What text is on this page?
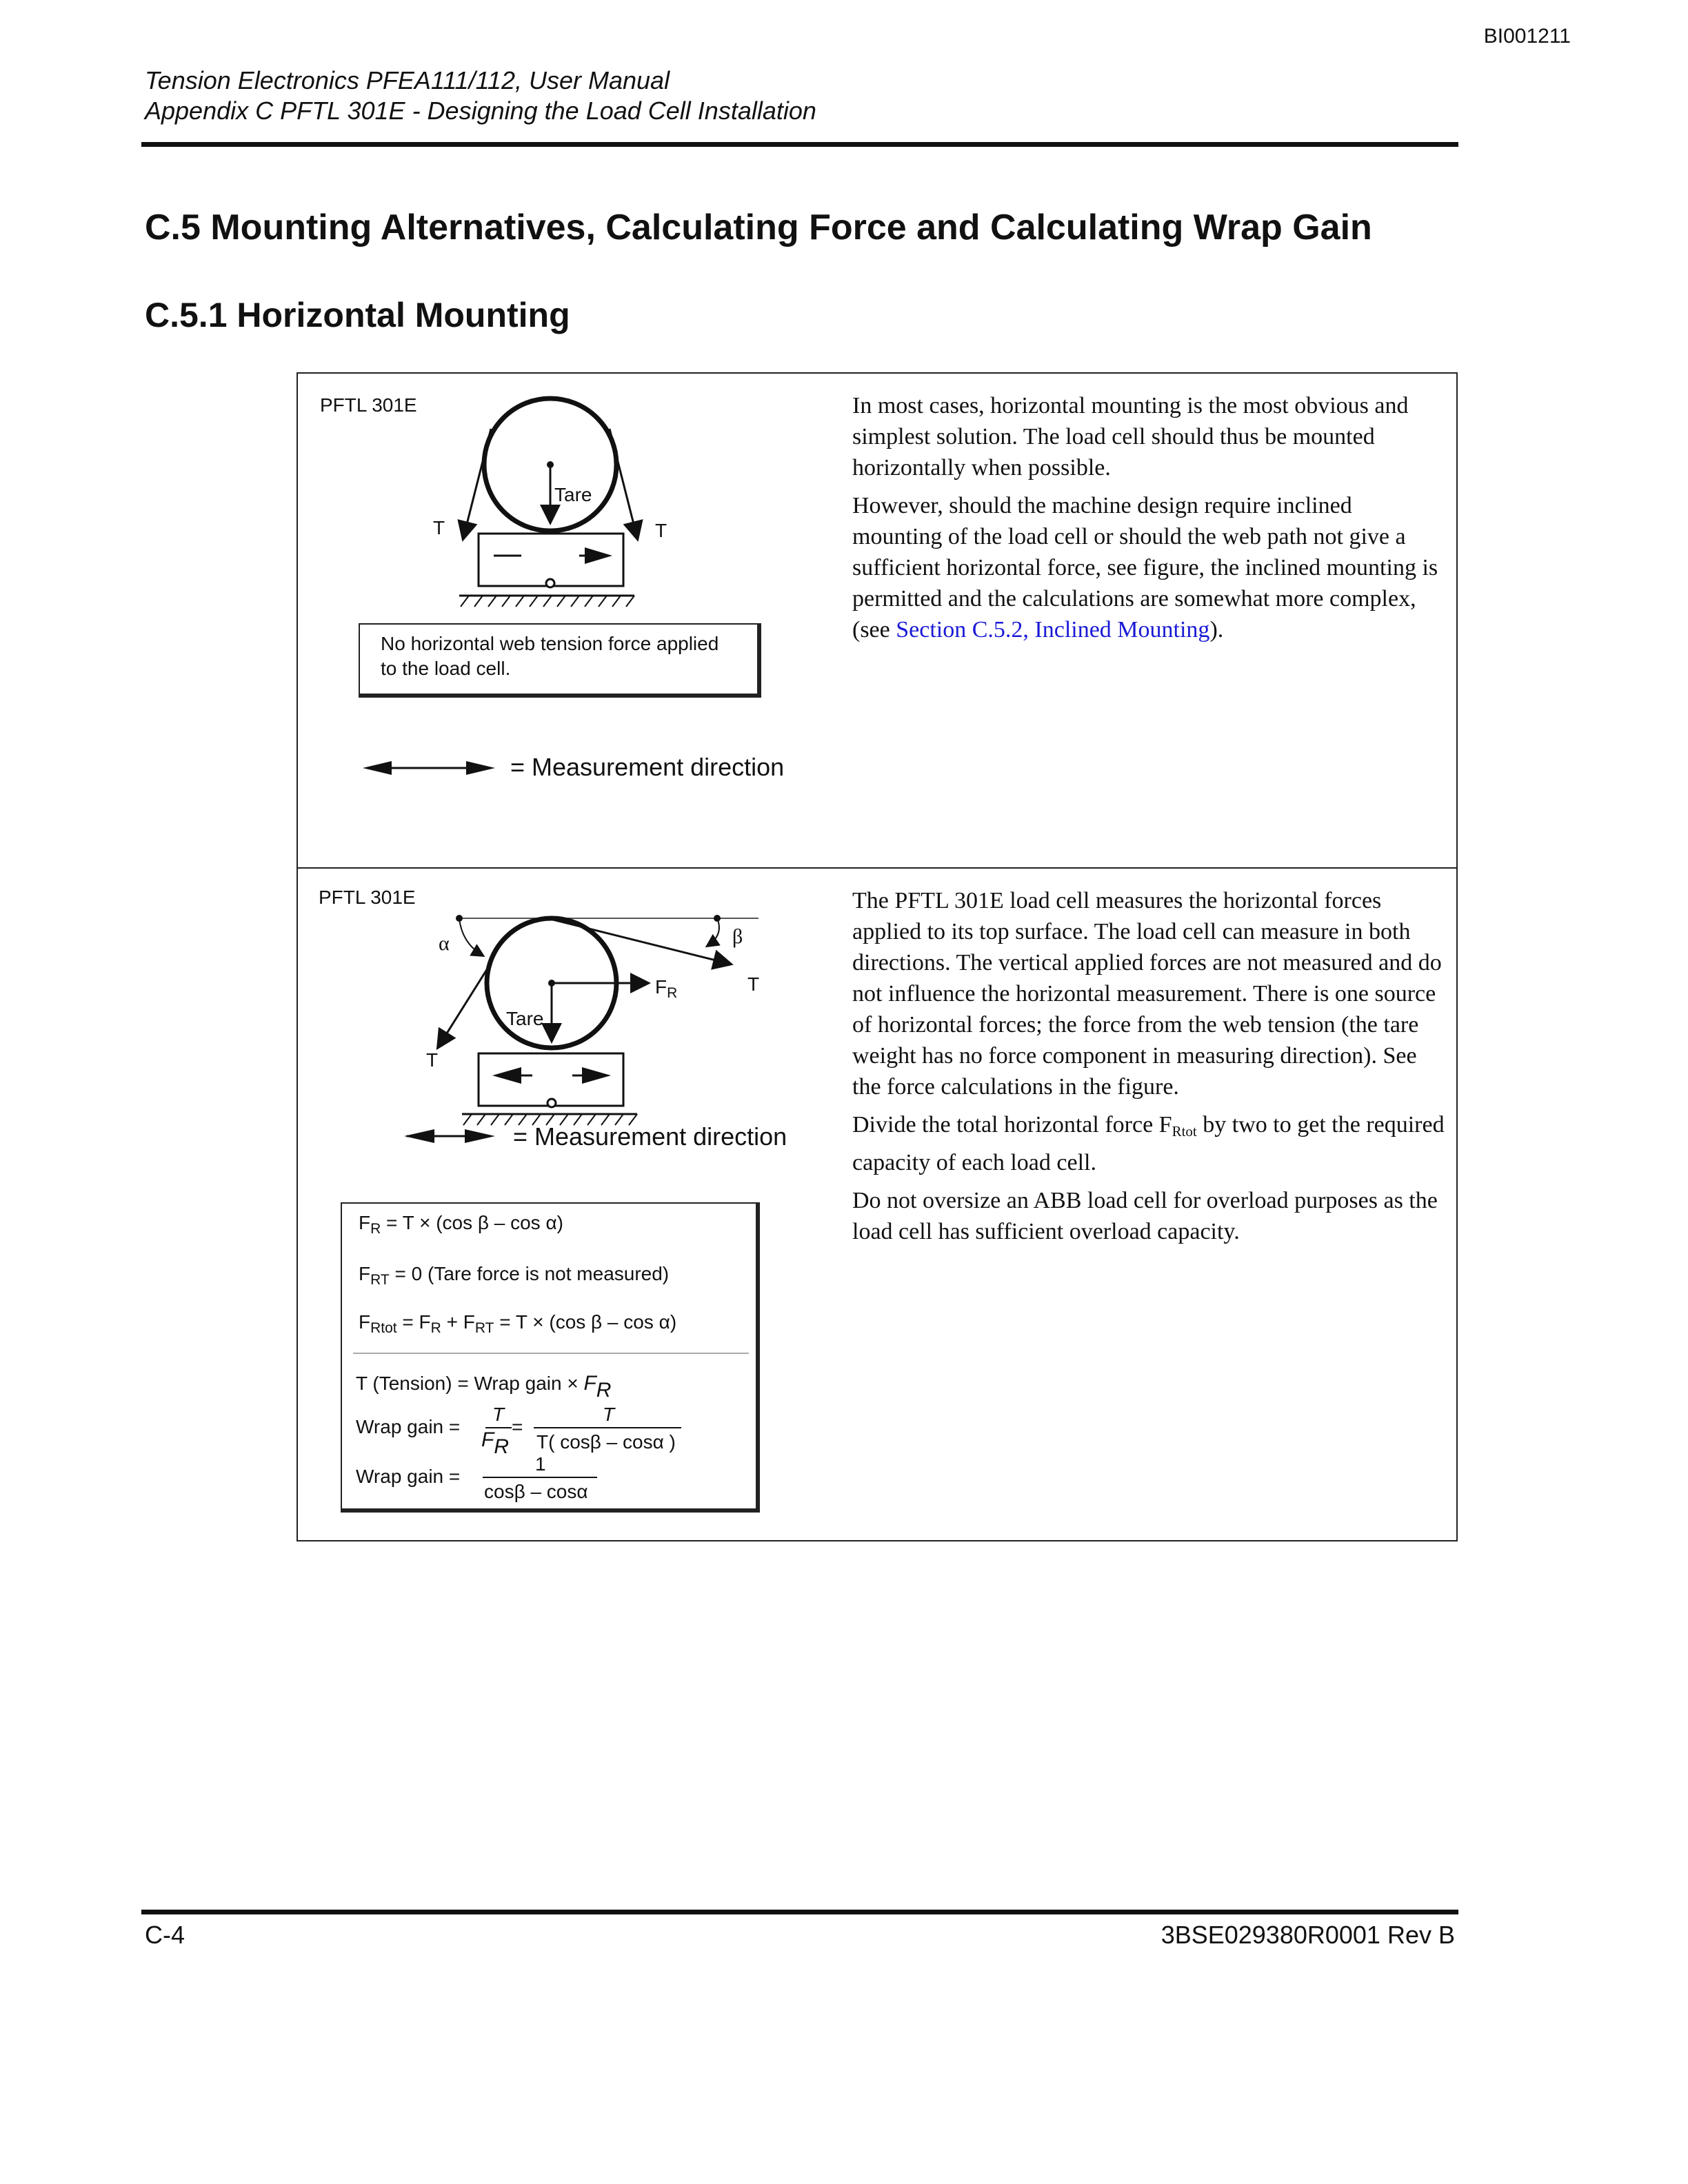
BI001211
Tension Electronics PFEA111/112, User Manual
Appendix C PFTL 301E - Designing the Load Cell Installation
C.5 Mounting Alternatives, Calculating Force and Calculating Wrap Gain
C.5.1 Horizontal Mounting
PFTL 301E
Tare
T	T
No horizontal web tension force applied to the load cell.
= Measurement direction

In most cases, horizontal mounting is the most obvious and simplest solution. The load cell should thus be mounted horizontally when possible.

However, should the machine design require inclined mounting of the load cell or should the web path not give a sufficient horizontal force, see figure, the inclined mounting is permitted and the calculations are somewhat more complex, (see Section C.5.2, Inclined Mounting).

PFTL 301E
α	β
$F_R$	T
Tare
T
= Measurement direction
$F_R = T \times (\cos$ β – cos α)
$F_{RT} = 0$ (Tare force is not measured)
$F_{Rtot} = F_R + F_{RT} = T \times (\cos$ β – cos α)
T (Tension) = Wrap gain × FR
Wrap gain =
T
FR
=
T
T( cosβ – cosα )
Wrap gain =
1
cosβ – cosα

The PFTL 301E load cell measures the horizontal forces applied to its top surface. The load cell can measure in both directions. The vertical applied forces are not measured and do not influence the horizontal measurement. There is one source of horizontal forces; the force from the web tension (the tare weight has no force component in measuring direction). See the force calculations in the figure.

Divide the total horizontal force $F_{Rtot}$ by two to get the required capacity of each load cell.

Do not oversize an ABB load cell for overload purposes as the load cell has sufficient overload capacity.

C-4	3BSE029380R0001 Rev B
